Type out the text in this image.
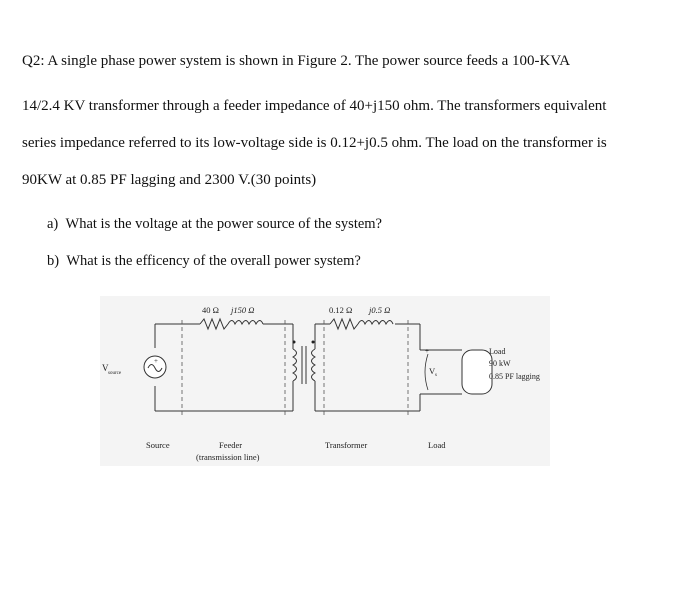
Q2: A single phase power system is shown in Figure 2. The power source feeds a 100-KVA
14/2.4 KV transformer through a feeder impedance of 40+j150 ohm. The transformers equivalent
series impedance referred to its low-voltage side is 0.12+j0.5 ohm. The load on the transformer is
90KW at 0.85 PF lagging and 2300 V.(30 points)
a) What is the voltage at the power source of the system?
b) What is the efficency of the overall power system?
+
+
40 Ω j150 Ω	0.12 Ω j0.5 Ω
V
source	V s
Load
90 kW
0.85 PF lagging
Source	Feeder
(transmission line)
Transformer	Load
